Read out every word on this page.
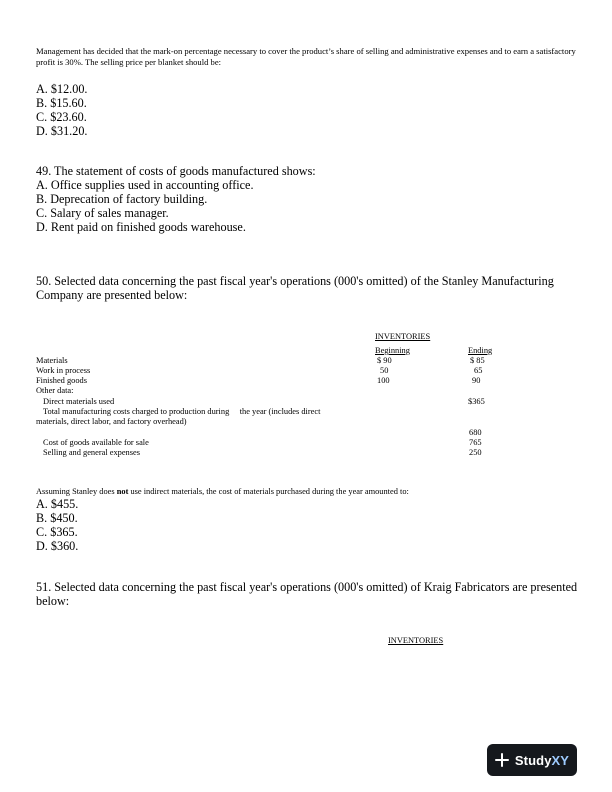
Management has decided that the mark-on percentage necessary to cover the product’s share of selling and administrative expenses and to earn a satisfactory profit is 30%. The selling price per blanket should be:
A. $12.00.
B. $15.60.
C. $23.60.
D. $31.20.
49. The statement of costs of goods manufactured shows:
A. Office supplies used in accounting office.
B. Deprecation of factory building.
C. Salary of sales manager.
D. Rent paid on finished goods warehouse.
50. Selected data concerning the past fiscal year's operations (000's omitted) of the Stanley Manufacturing
Company are presented below:
INVENTORIES
Beginning	Ending
Materials	$ 90	$ 85
Work in process	50	65
Finished goods	100	90
Other data:
Direct materials used	$365
Total manufacturing costs charged to production during     the year (includes direct
materials, direct labor, and factory overhead)
680
Cost of goods available for sale	765
Selling and general expenses	250
Assuming Stanley does not use indirect materials, the cost of materials purchased during the year amounted to:
A. $455.
B. $450.
C. $365.
D. $360.
51. Selected data concerning the past fiscal year's operations (000's omitted) of Kraig Fabricators are presented
below:
INVENTORIES
StudyXY
